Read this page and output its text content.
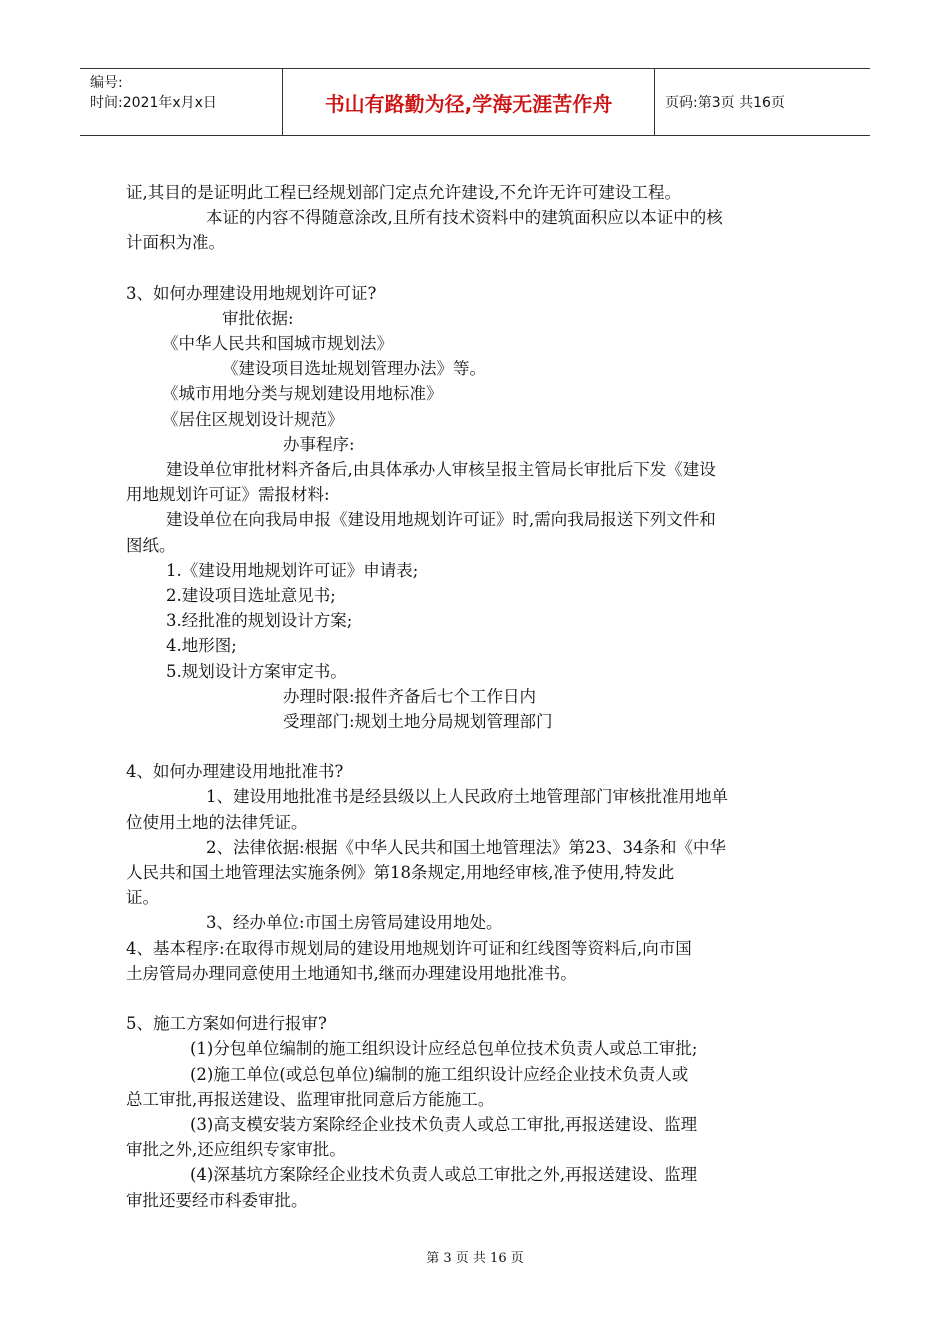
编号:
时间:2021年x月x日	书山有路勤为径,学海无涯苦作舟	页码:第3页 共16页
证,其目的是证明此工程已经规划部门定点允许建设,不允许无许可建设工程。
本证的内容不得随意涂改,且所有技术资料中的建筑面积应以本证中的核
计面积为准。
3、如何办理建设用地规划许可证?
审批依据:
《中华人民共和国城市规划法》
《建设项目选址规划管理办法》等。
《城市用地分类与规划建设用地标准》
《居住区规划设计规范》
办事程序:
建设单位审批材料齐备后,由具体承办人审核呈报主管局长审批后下发《建设
用地规划许可证》需报材料:
建设单位在向我局申报《建设用地规划许可证》时,需向我局报送下列文件和
图纸。
1.《建设用地规划许可证》申请表;
2.建设项目选址意见书;
3.经批准的规划设计方案;
4.地形图;
5.规划设计方案审定书。
办理时限:报件齐备后七个工作日内
受理部门:规划土地分局规划管理部门
4、如何办理建设用地批准书?
1、建设用地批准书是经县级以上人民政府土地管理部门审核批准用地单
位使用土地的法律凭证。
2、法律依据:根据《中华人民共和国土地管理法》第23、34条和《中华
人民共和国土地管理法实施条例》第18条规定,用地经审核,准予使用,特发此
证。
3、经办单位:市国土房管局建设用地处。
4、基本程序:在取得市规划局的建设用地规划许可证和红线图等资料后,向市国
土房管局办理同意使用土地通知书,继而办理建设用地批准书。
5、施工方案如何进行报审?
(1)分包单位编制的施工组织设计应经总包单位技术负责人或总工审批;
(2)施工单位(或总包单位)编制的施工组织设计应经企业技术负责人或
总工审批,再报送建设、监理审批同意后方能施工。
(3)高支模安装方案除经企业技术负责人或总工审批,再报送建设、监理
审批之外,还应组织专家审批。
(4)深基坑方案除经企业技术负责人或总工审批之外,再报送建设、监理
审批还要经市科委审批。
第 3 页 共 16 页
